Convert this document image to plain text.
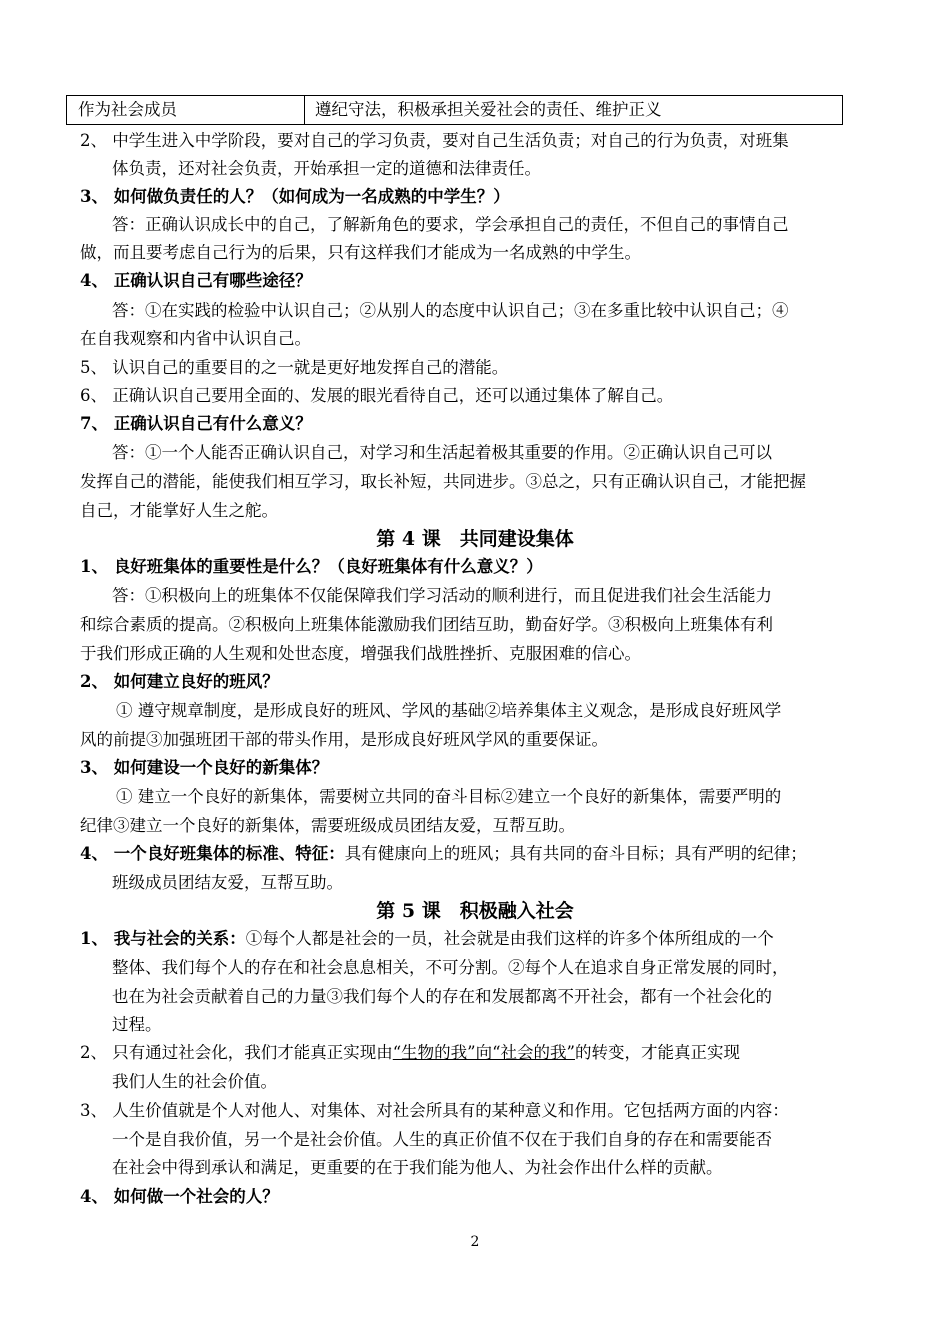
作为社会成员	遵纪守法，积极承担关爱社会的责任、维护正义
2、 中学生进入中学阶段，要对自己的学习负责，要对自己生活负责；对自己的行为负责，对班集
体负责，还对社会负责，开始承担一定的道德和法律责任。
3、 如何做负责任的人？（如何成为一名成熟的中学生？）
答：正确认识成长中的自己，了解新角色的要求，学会承担自己的责任，不但自己的事情自己
做，而且要考虑自己行为的后果，只有这样我们才能成为一名成熟的中学生。
4、 正确认识自己有哪些途径？
答：①在实践的检验中认识自己；②从别人的态度中认识自己；③在多重比较中认识自己；④
在自我观察和内省中认识自己。
5、 认识自己的重要目的之一就是更好地发挥自己的潜能。
6、 正确认识自己要用全面的、发展的眼光看待自己，还可以通过集体了解自己。
7、 正确认识自己有什么意义？
答：①一个人能否正确认识自己，对学习和生活起着极其重要的作用。②正确认识自己可以
发挥自己的潜能，能使我们相互学习，取长补短，共同进步。③总之，只有正确认识自己，才能把握
自己，才能掌好人生之舵。
第 4 课　共同建设集体
1、 良好班集体的重要性是什么？（良好班集体有什么意义？）
答：①积极向上的班集体不仅能保障我们学习活动的顺利进行，而且促进我们社会生活能力
和综合素质的提高。②积极向上班集体能激励我们团结互助，勤奋好学。③积极向上班集体有利
于我们形成正确的人生观和处世态度，增强我们战胜挫折、克服困难的信心。
2、 如何建立良好的班风？
① 遵守规章制度，是形成良好的班风、学风的基础②培养集体主义观念，是形成良好班风学
风的前提③加强班团干部的带头作用，是形成良好班风学风的重要保证。
3、 如何建设一个良好的新集体？
① 建立一个良好的新集体，需要树立共同的奋斗目标②建立一个良好的新集体，需要严明的
纪律③建立一个良好的新集体，需要班级成员团结友爱，互帮互助。
4、 一个良好班集体的标准、特征：具有健康向上的班风；具有共同的奋斗目标；具有严明的纪律；
班级成员团结友爱，互帮互助。
第 5 课　积极融入社会
1、 我与社会的关系：①每个人都是社会的一员，社会就是由我们这样的许多个体所组成的一个
整体、我们每个人的存在和社会息息相关，不可分割。②每个人在追求自身正常发展的同时，
也在为社会贡献着自己的力量③我们每个人的存在和发展都离不开社会，都有一个社会化的
过程。
2、 只有通过社会化，我们才能真正实现由“生物的我”向“社会的我”的转变，才能真正实现
我们人生的社会价值。
3、 人生价值就是个人对他人、对集体、对社会所具有的某种意义和作用。它包括两方面的内容：
一个是自我价值，另一个是社会价值。人生的真正价值不仅在于我们自身的存在和需要能否
在社会中得到承认和满足，更重要的在于我们能为他人、为社会作出什么样的贡献。
4、 如何做一个社会的人？
2
